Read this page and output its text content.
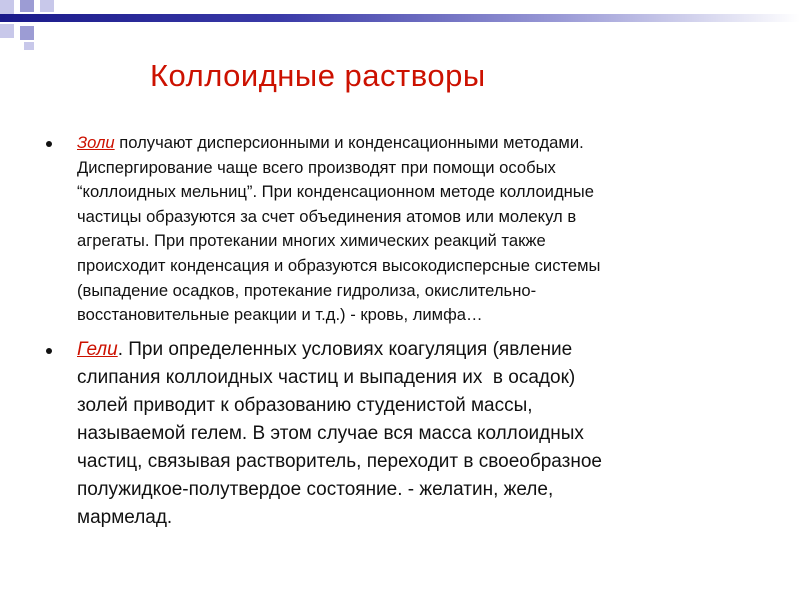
Коллоидные растворы
Золи получают дисперсионными и конденсационными методами.
Диспергирование чаще всего производят при помощи особых
“коллоидных мельниц”. При конденсационном методе коллоидные
частицы образуются за счет объединения атомов или молекул в
агрегаты. При протекании многих химических реакций также
происходит конденсация и образуются высокодисперсные системы
(выпадение осадков, протекание гидролиза, окислительно-
восстановительные реакции и т.д.) - кровь, лимфа…
Гели. При определенных условиях коагуляция (явление
слипания коллоидных частиц и выпадения их  в осадок)
золей приводит к образованию студенистой массы,
называемой гелем. В этом случае вся масса коллоидных
частиц, связывая растворитель, переходит в своеобразное
полужидкое-полутвердое состояние. - желатин, желе,
мармелад.
